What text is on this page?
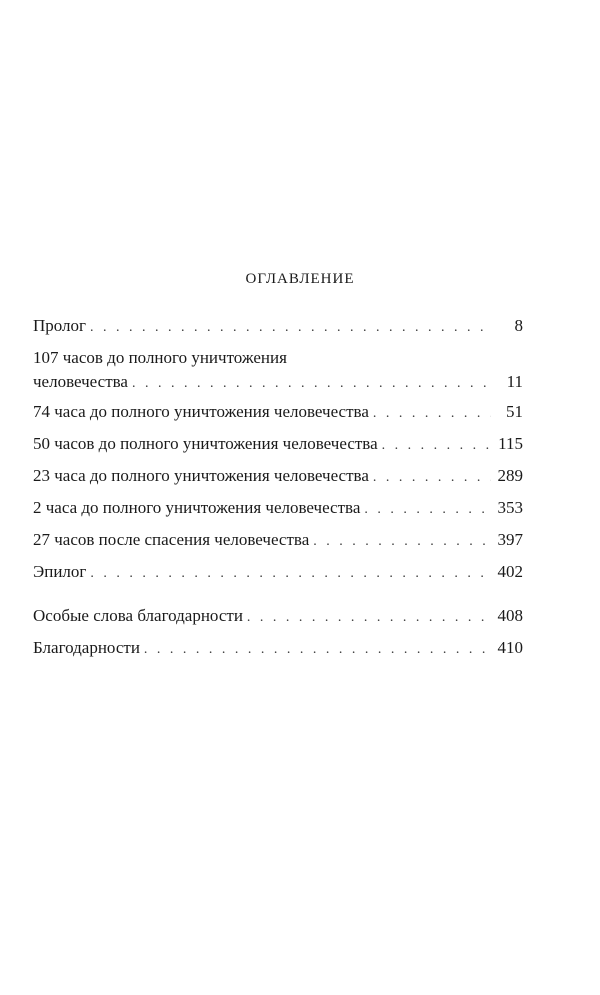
оглавление
Пролог . . .	8
107 часов до полного уничтожения
человечества . . .	11
74 часа до полного уничтожения человечества . . .	51
50 часов до полного уничтожения человечества . . .	115
23 часа до полного уничтожения человечества . . .	289
2 часа до полного уничтожения человечества . . .	353
27 часов после спасения человечества . . .	397
Эпилог . . .	402
Особые слова благодарности . . .	408
Благодарности . . .	410
